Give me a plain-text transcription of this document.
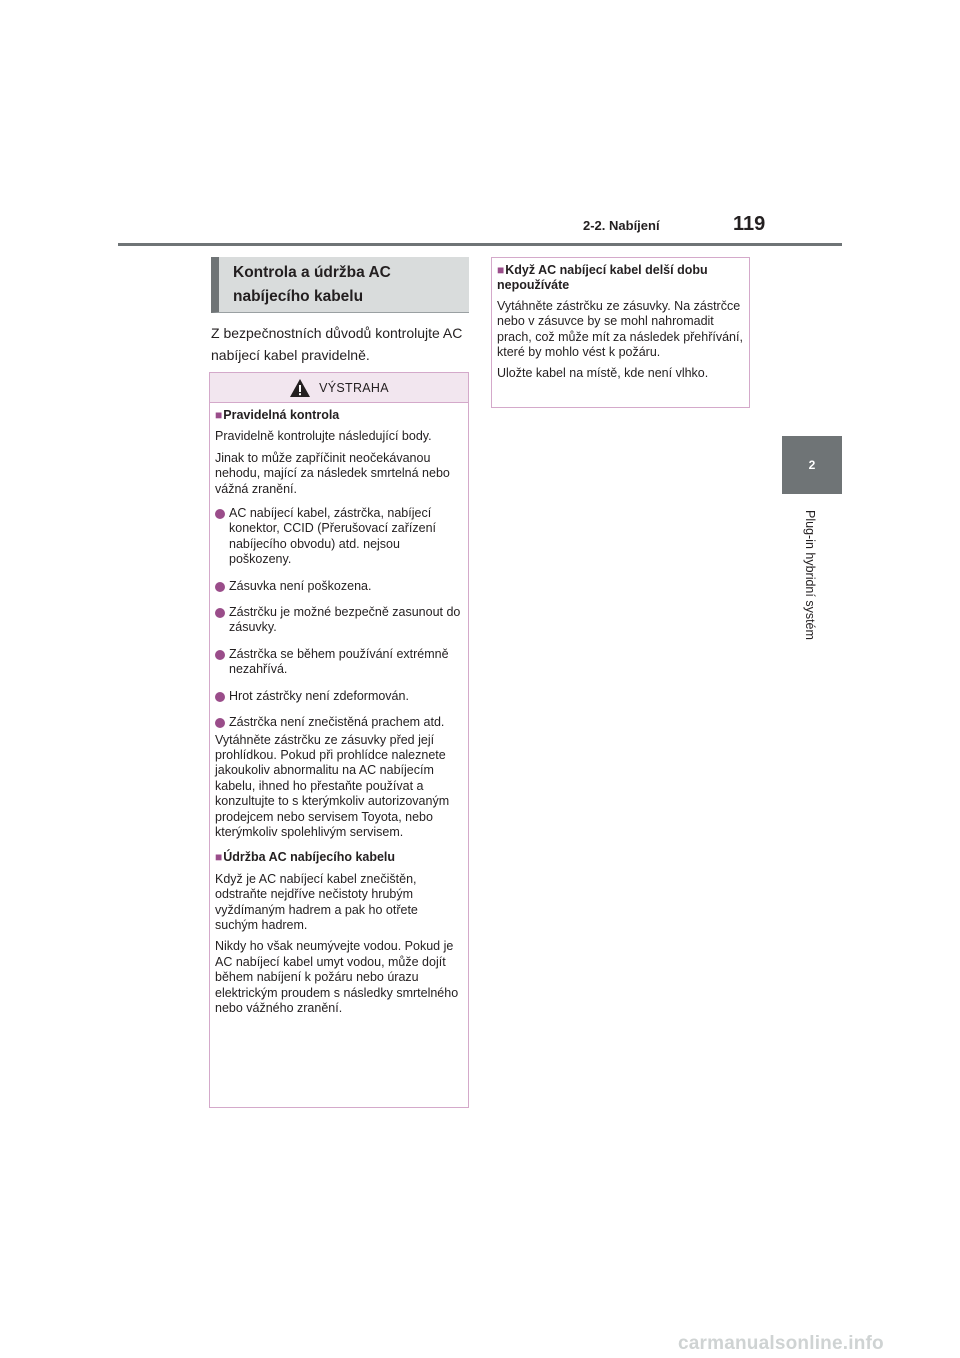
2-2. Nabíjení	119
2
Plug-in hybridní systém
Kontrola a údržba AC nabíjecího kabelu
Z bezpečnostních důvodů kontrolujte AC nabíjecí kabel pravidelně.
VÝSTRAHA
■Pravidelná kontrola

Pravidelně kontrolujte následující body.

Jinak to může zapříčinit neočekávanou nehodu, mající za následek smrtelná nebo vážná zranění.

AC nabíjecí kabel, zástrčka, nabíjecí konektor, CCID (Přerušovací zařízení nabíjecího obvodu) atd. nejsou poškozeny.
Zásuvka není poškozena.
Zástrčku je možné bezpečně zasunout do zásuvky.
Zástrčka se během používání extrémně nezahřívá.
Hrot zástrčky není zdeformován.
Zástrčka není znečistěná prachem atd.

Vytáhněte zástrčku ze zásuvky před její prohlídkou. Pokud při prohlídce naleznete jakoukoliv abnormalitu na AC nabíjecím kabelu, ihned ho přestaňte používat a konzultujte to s kterýmkoliv autorizovaným prodejcem nebo servisem Toyota, nebo kterýmkoliv spolehlivým servisem.

■Údržba AC nabíjecího kabelu

Když je AC nabíjecí kabel znečištěn, odstraňte nejdříve nečistoty hrubým vyždímaným hadrem a pak ho otřete suchým hadrem.

Nikdy ho však neumývejte vodou. Pokud je AC nabíjecí kabel umyt vodou, může dojít během nabíjení k požáru nebo úrazu elektrickým proudem s následky smrtelného nebo vážného zranění.

■Když AC nabíjecí kabel delší dobu nepoužíváte

Vytáhněte zástrčku ze zásuvky. Na zástrčce nebo v zásuvce by se mohl nahromadit prach, což může mít za následek přehřívání, které by mohlo vést k požáru.

Uložte kabel na místě, kde není vlhko.

carmanualsonline.info
